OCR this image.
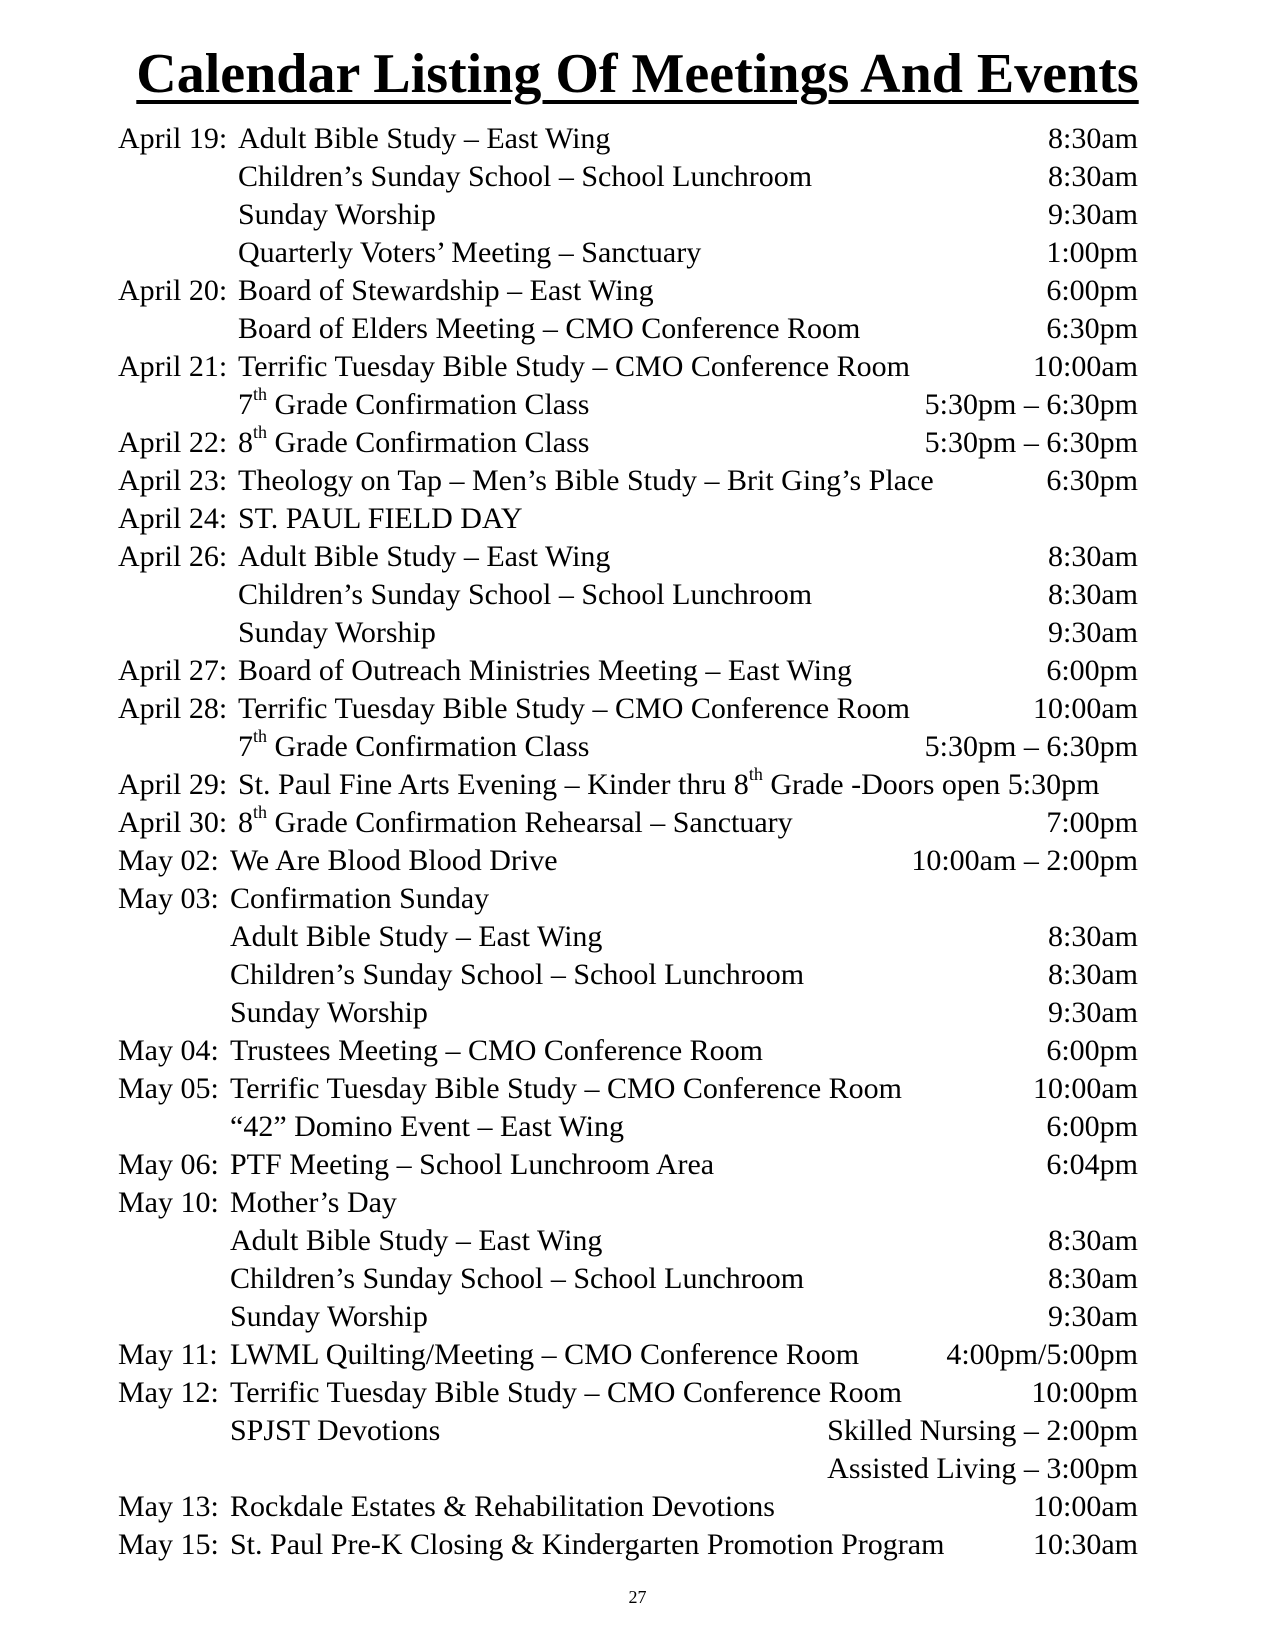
Calendar Listing Of Meetings And Events
April 19: Adult Bible Study – East Wing	8:30am
Children’s Sunday School – School Lunchroom	8:30am
Sunday Worship	9:30am
Quarterly Voters’ Meeting – Sanctuary	1:00pm
April 20: Board of Stewardship – East Wing	6:00pm
Board of Elders Meeting – CMO Conference Room	6:30pm
April 21: Terrific Tuesday Bible Study – CMO Conference Room	10:00am
7th Grade Confirmation Class	5:30pm – 6:30pm
April 22: 8th Grade Confirmation Class	5:30pm – 6:30pm
April 23: Theology on Tap – Men’s Bible Study – Brit Ging’s Place	6:30pm
April 24: ST. PAUL FIELD DAY
April 26: Adult Bible Study – East Wing	8:30am
Children’s Sunday School – School Lunchroom	8:30am
Sunday Worship	9:30am
April 27: Board of Outreach Ministries Meeting – East Wing	6:00pm
April 28: Terrific Tuesday Bible Study – CMO Conference Room	10:00am
7th Grade Confirmation Class	5:30pm – 6:30pm
April 29: St. Paul Fine Arts Evening – Kinder thru 8th Grade -Doors open 5:30pm
April 30: 8th Grade Confirmation Rehearsal – Sanctuary	7:00pm
May 02: We Are Blood Blood Drive	10:00am – 2:00pm
May 03: Confirmation Sunday
Adult Bible Study – East Wing	8:30am
Children’s Sunday School – School Lunchroom	8:30am
Sunday Worship	9:30am
May 04: Trustees Meeting – CMO Conference Room	6:00pm
May 05: Terrific Tuesday Bible Study – CMO Conference Room	10:00am
“42” Domino Event – East Wing	6:00pm
May 06: PTF Meeting – School Lunchroom Area	6:04pm
May 10: Mother’s Day
Adult Bible Study – East Wing	8:30am
Children’s Sunday School – School Lunchroom	8:30am
Sunday Worship	9:30am
May 11: LWML Quilting/Meeting – CMO Conference Room	4:00pm/5:00pm
May 12: Terrific Tuesday Bible Study – CMO Conference Room	10:00pm
SPJST Devotions	Skilled Nursing – 2:00pm
Assisted Living – 3:00pm
May 13: Rockdale Estates & Rehabilitation Devotions	10:00am
May 15: St. Paul Pre-K Closing & Kindergarten Promotion Program	10:30am
27
